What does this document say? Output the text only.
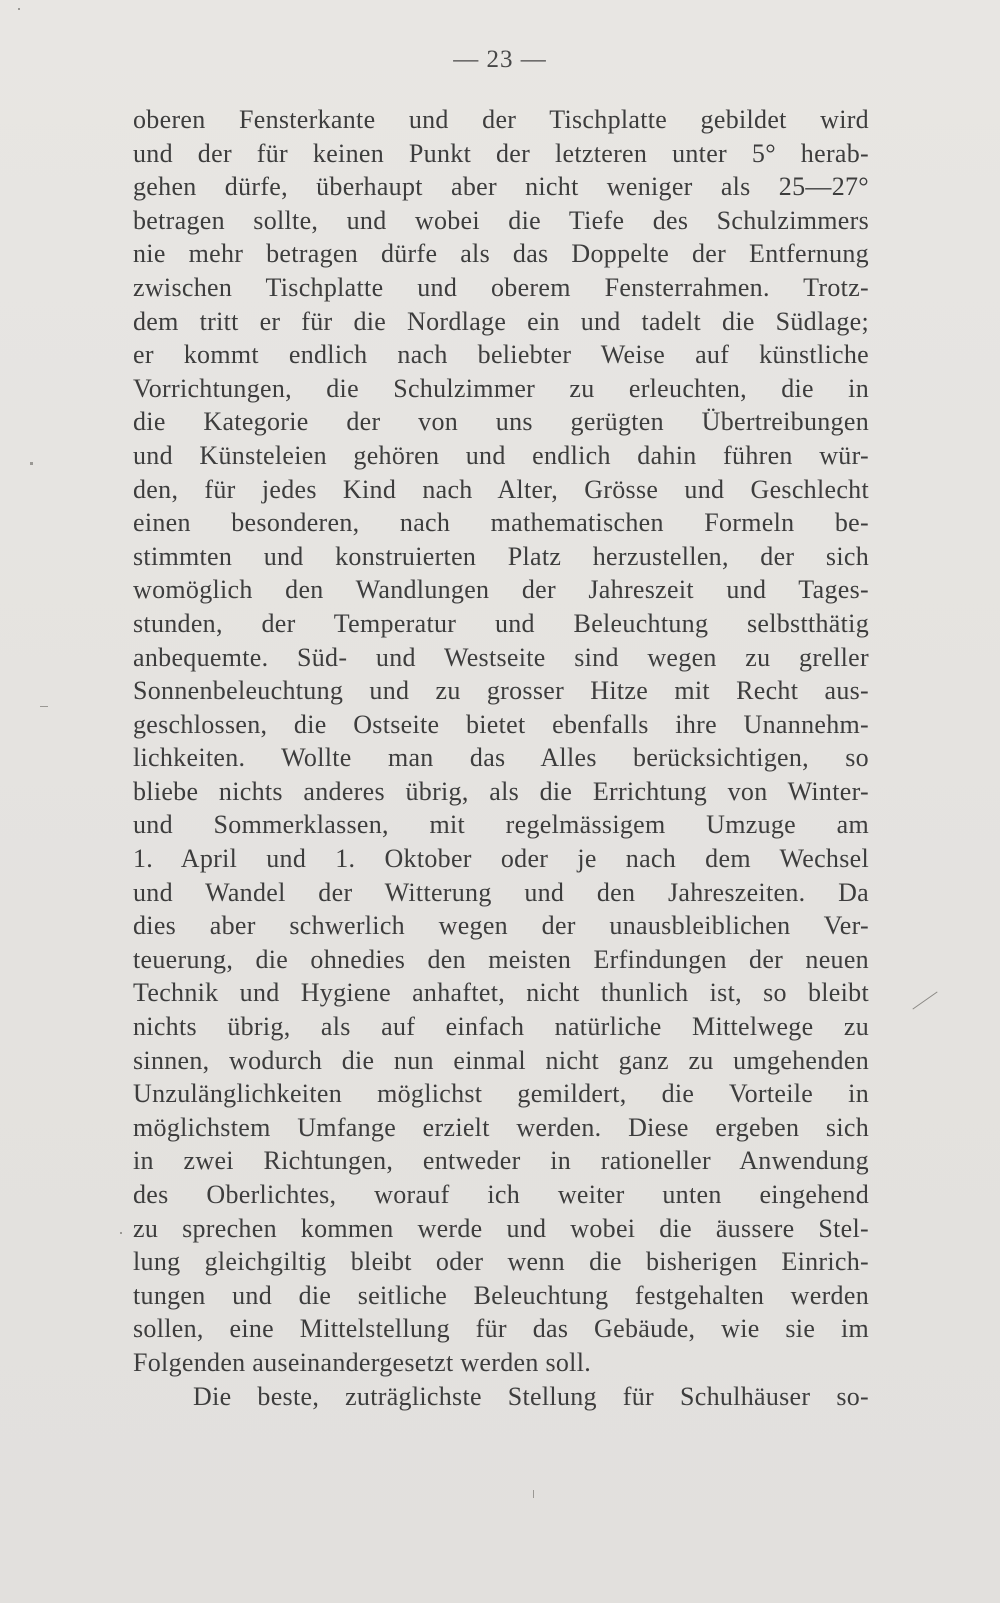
— 23 —
oberen Fensterkante und der Tischplatte gebildet wird
und der für keinen Punkt der letzteren unter 5° herab-
gehen dürfe, überhaupt aber nicht weniger als 25—27°
betragen sollte, und wobei die Tiefe des Schulzimmers
nie mehr betragen dürfe als das Doppelte der Entfernung
zwischen Tischplatte und oberem Fensterrahmen. Trotz-
dem tritt er für die Nordlage ein und tadelt die Südlage;
er kommt endlich nach beliebter Weise auf künstliche
Vorrichtungen, die Schulzimmer zu erleuchten, die in
die Kategorie der von uns gerügten Übertreibungen
und Künsteleien gehören und endlich dahin führen wür-
den, für jedes Kind nach Alter, Grösse und Geschlecht
einen besonderen, nach mathematischen Formeln be-
stimmten und konstruierten Platz herzustellen, der sich
womöglich den Wandlungen der Jahreszeit und Tages-
stunden, der Temperatur und Beleuchtung selbstthätig
anbequemte. Süd- und Westseite sind wegen zu greller
Sonnenbeleuchtung und zu grosser Hitze mit Recht aus-
geschlossen, die Ostseite bietet ebenfalls ihre Unannehm-
lichkeiten. Wollte man das Alles berücksichtigen, so
bliebe nichts anderes übrig, als die Errichtung von Winter-
und Sommerklassen, mit regelmässigem Umzuge am
1. April und 1. Oktober oder je nach dem Wechsel
und Wandel der Witterung und den Jahreszeiten. Da
dies aber schwerlich wegen der unausbleiblichen Ver-
teuerung, die ohnedies den meisten Erfindungen der neuen
Technik und Hygiene anhaftet, nicht thunlich ist, so bleibt
nichts übrig, als auf einfach natürliche Mittelwege zu
sinnen, wodurch die nun einmal nicht ganz zu umgehenden
Unzulänglichkeiten möglichst gemildert, die Vorteile in
möglichstem Umfange erzielt werden. Diese ergeben sich
in zwei Richtungen, entweder in rationeller Anwendung
des Oberlichtes, worauf ich weiter unten eingehend
zu sprechen kommen werde und wobei die äussere Stel-
lung gleichgiltig bleibt oder wenn die bisherigen Einrich-
tungen und die seitliche Beleuchtung festgehalten werden
sollen, eine Mittelstellung für das Gebäude, wie sie im
Folgenden auseinandergesetzt werden soll.
Die beste, zuträglichste Stellung für Schulhäuser so-
